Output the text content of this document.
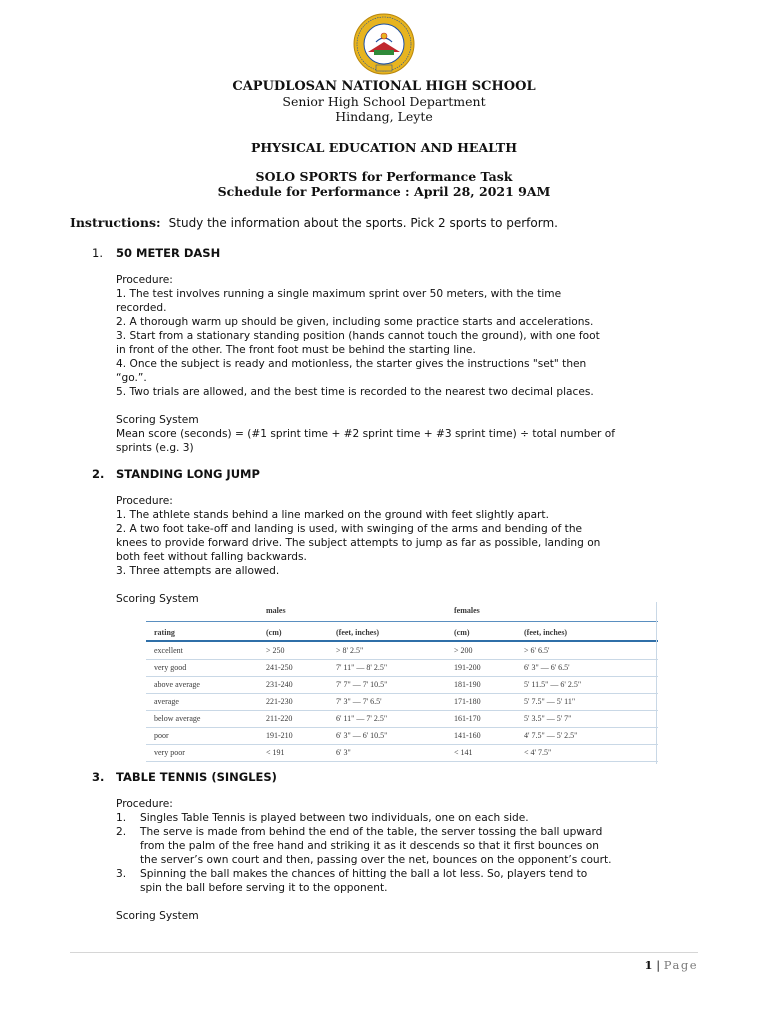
CAPUDLOSAN NATIONAL HIGH SCHOOL
Senior High School Department
Hindang, Leyte
PHYSICAL EDUCATION AND HEALTH
SOLO SPORTS for Performance Task
Schedule for Performance : April 28, 2021 9AM
Instructions: Study the information about the sports. Pick 2 sports to perform.
1. 50 METER DASH

Procedure:

1. The test involves running a single maximum sprint over 50 meters, with the time

recorded.

2. A thorough warm up should be given, including some practice starts and accelerations.

3. Start from a stationary standing position (hands cannot touch the ground), with one foot

in front of the other. The front foot must be behind the starting line.

4. Once the subject is ready and motionless, the starter gives the instructions "set" then

“go.”.

5. Two trials are allowed, and the best time is recorded to the nearest two decimal places.

Scoring System

Mean score (seconds) = (#1 sprint time + #2 sprint time + #3 sprint time) ÷ total number of

sprints (e.g. 3)

2. STANDING LONG JUMP

Procedure:

1. The athlete stands behind a line marked on the ground with feet slightly apart.

2. A two foot take-off and landing is used, with swinging of the arms and bending of the

knees to provide forward drive. The subject attempts to jump as far as possible, landing on

both feet without falling backwards.

3. Three attempts are allowed.

Scoring System

males	females
rating	(cm)	(feet, inches)	(cm)	(feet, inches)
excellent	> 250	> 8' 2.5"	> 200	> 6' 6.5'
very good	241-250	7' 11" — 8' 2.5"	191-200	6' 3" — 6' 6.5'
above average	231-240	7' 7" — 7' 10.5"	181-190	5' 11.5" — 6' 2.5"
average	221-230	7' 3" — 7' 6.5'	171-180	5' 7.5" — 5' 11"
below average	211-220	6' 11" — 7' 2.5"	161-170	5' 3.5" — 5' 7"
poor	191-210	6' 3" — 6' 10.5"	141-160	4' 7.5" — 5' 2.5"
very poor	< 191	6' 3"	< 141	< 4' 7.5"
3. TABLE TENNIS (SINGLES)

Procedure:

1.	Singles Table Tennis is played between two individuals, one on each side.

2.	The serve is made from behind the end of the table, the server tossing the ball upward

from the palm of the free hand and striking it as it descends so that it first bounces on

the server’s own court and then, passing over the net, bounces on the opponent’s court.

3.	Spinning the ball makes the chances of hitting the ball a lot less. So, players tend to

spin the ball before serving it to the opponent.

Scoring System

1 | Page
